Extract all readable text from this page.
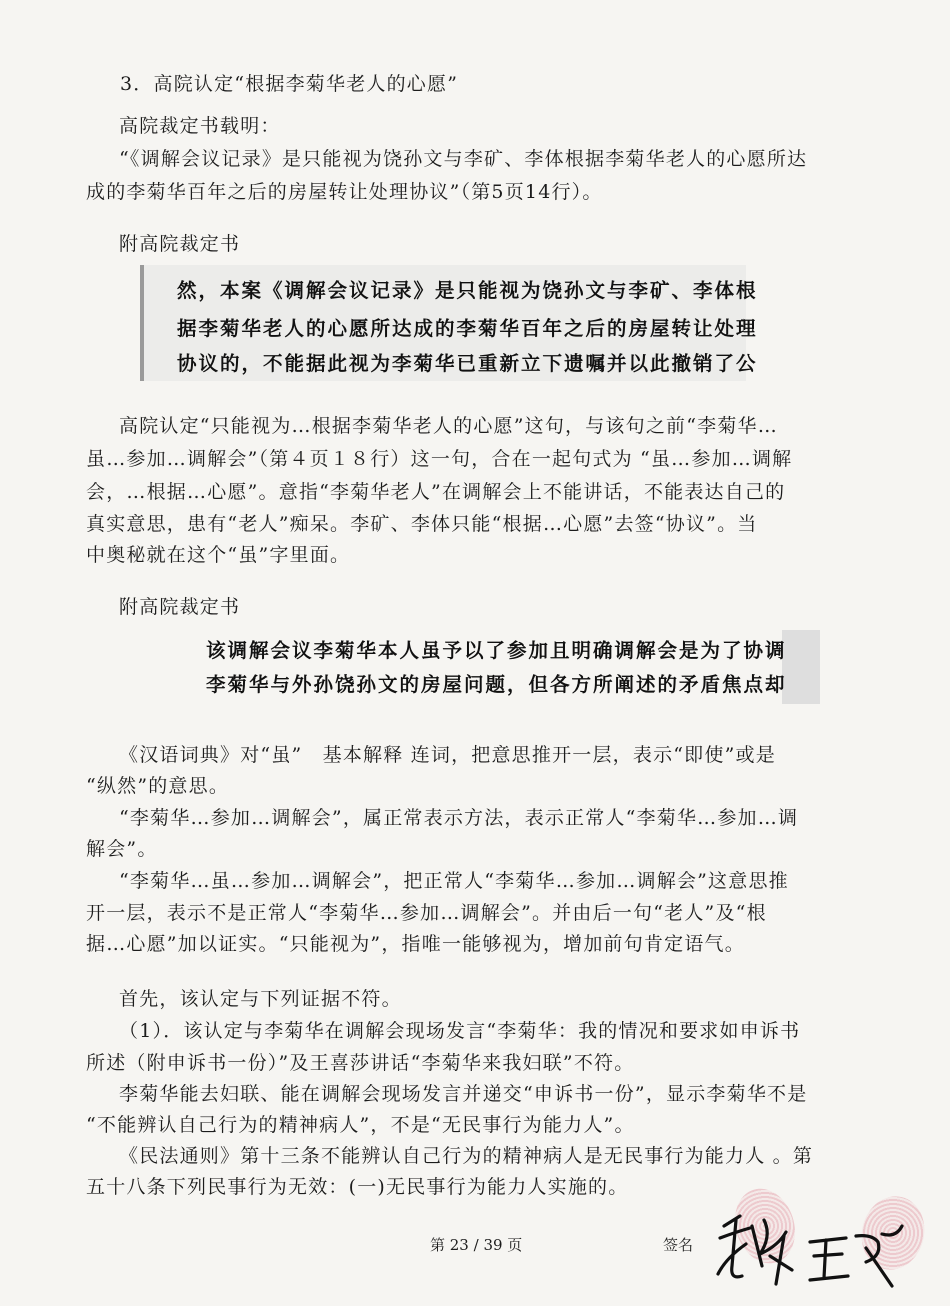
3．高院认定“根据李菊华老人的心愿”
高院裁定书载明：
“《调解会议记录》是只能视为饶孙文与李矿、李体根据李菊华老人的心愿所达
成的李菊华百年之后的房屋转让处理协议”（第5页14行）。
附高院裁定书
然，本案《调解会议记录》是只能视为饶孙文与李矿、李体根
据李菊华老人的心愿所达成的李菊华百年之后的房屋转让处理
协议的，不能据此视为李菊华已重新立下遗嘱并以此撤销了公
高院认定“只能视为…根据李菊华老人的心愿”这句，与该句之前“李菊华…
虽…参加…调解会”（第４页１８行）这一句，合在一起句式为 “虽…参加…调解
会，…根据…心愿”。意指“李菊华老人”在调解会上不能讲话，不能表达自己的
真实意思，患有“老人”痴呆。李矿、李体只能“根据…心愿”去签“协议”。当
中奥秘就在这个“虽”字里面。
附高院裁定书
该调解会议李菊华本人虽予以了参加且明确调解会是为了协调
李菊华与外孙饶孙文的房屋问题，但各方所阐述的矛盾焦点却
《汉语词典》对“虽”　基本解释 连词，把意思推开一层，表示“即使”或是
“纵然”的意思。
“李菊华…参加…调解会”，属正常表示方法，表示正常人“李菊华…参加…调
解会”。
“李菊华…虽…参加…调解会”，把正常人“李菊华…参加…调解会”这意思推
开一层，表示不是正常人“李菊华…参加…调解会”。并由后一句“老人”及“根
据…心愿”加以证实。“只能视为”，指唯一能够视为，增加前句肯定语气。
首先，该认定与下列证据不符。
（1）．该认定与李菊华在调解会现场发言“李菊华：我的情况和要求如申诉书
所述（附申诉书一份）”及王喜莎讲话“李菊华来我妇联”不符。
李菊华能去妇联、能在调解会现场发言并递交“申诉书一份”，显示李菊华不是
“不能辨认自己行为的精神病人”，不是“无民事行为能力人”。
《民法通则》第十三条不能辨认自己行为的精神病人是无民事行为能力人 。第
五十八条下列民事行为无效：(一)无民事行为能力人实施的。
第 23 / 39 页	签名
